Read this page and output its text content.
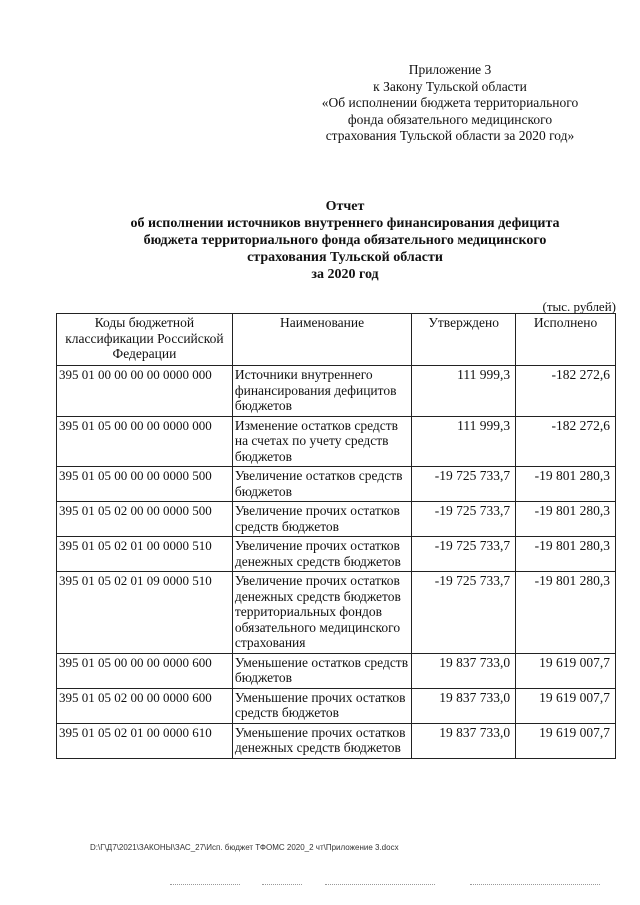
Приложение 3
к Закону Тульской области
«Об исполнении бюджета территориального
фонда обязательного медицинского
страхования Тульской области за 2020 год»
Отчет
об исполнении источников внутреннего финансирования дефицита
бюджета территориального фонда обязательного медицинского
страхования Тульской области
за 2020 год
(тыс. рублей)
Коды бюджетной классификации Российской Федерации	Наименование	Утверждено	Исполнено
395 01 00 00 00 00 0000 000	Источники внутреннего финансирования дефицитов бюджетов	111 999,3	-182 272,6
395 01 05 00 00 00 0000 000	Изменение остатков средств на счетах по учету средств бюджетов	111 999,3	-182 272,6
395 01 05 00 00 00 0000 500	Увеличение остатков средств бюджетов	-19 725 733,7	-19 801 280,3
395 01 05 02 00 00 0000 500	Увеличение прочих остатков средств бюджетов	-19 725 733,7	-19 801 280,3
395 01 05 02 01 00 0000 510	Увеличение прочих остатков денежных средств бюджетов	-19 725 733,7	-19 801 280,3
395 01 05 02 01 09 0000 510	Увеличение прочих остатков денежных средств бюджетов территориальных фондов обязательного медицинского страхования	-19 725 733,7	-19 801 280,3
395 01 05 00 00 00 0000 600	Уменьшение остатков средств бюджетов	19 837 733,0	19 619 007,7
395 01 05 02 00 00 0000 600	Уменьшение прочих остатков средств бюджетов	19 837 733,0	19 619 007,7
395 01 05 02 01 00 0000 610	Уменьшение прочих остатков денежных средств бюджетов	19 837 733,0	19 619 007,7
D:\Г\Д7\2021\ЗАКОНЫ\ЗАС_27\Исп. бюджет ТФОМС 2020_2 чт\Приложение 3.docx
